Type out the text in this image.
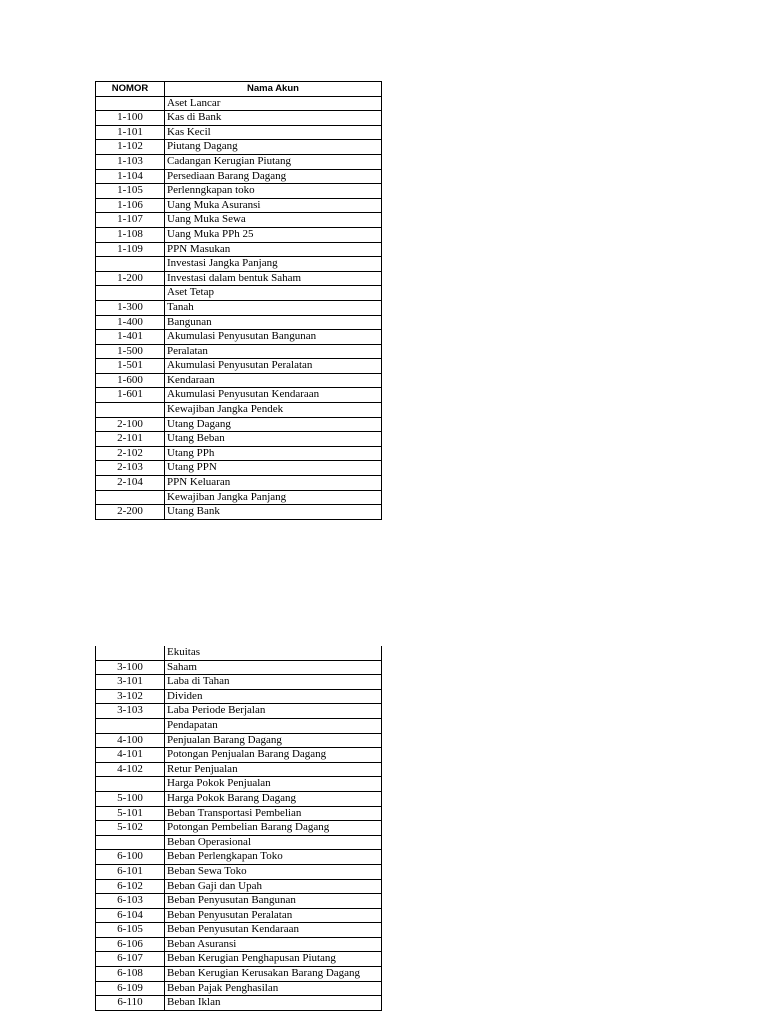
NOMOR	Nama Akun
	Aset Lancar
1-100	Kas di Bank
1-101	Kas Kecil
1-102	Piutang Dagang
1-103	Cadangan Kerugian Piutang
1-104	Persediaan Barang Dagang
1-105	Perlenngkapan toko
1-106	Uang Muka Asuransi
1-107	Uang Muka Sewa
1-108	Uang Muka PPh 25
1-109	PPN Masukan
	Investasi Jangka Panjang
1-200	Investasi dalam bentuk Saham
	Aset Tetap
1-300	Tanah
1-400	Bangunan
1-401	Akumulasi Penyusutan Bangunan
1-500	Peralatan
1-501	Akumulasi Penyusutan Peralatan
1-600	Kendaraan
1-601	Akumulasi Penyusutan Kendaraan
	Kewajiban Jangka Pendek
2-100	Utang Dagang
2-101	Utang Beban
2-102	Utang PPh
2-103	Utang PPN
2-104	PPN Keluaran
	Kewajiban Jangka Panjang
2-200	Utang Bank
	Ekuitas
3-100	Saham
3-101	Laba di Tahan
3-102	Dividen
3-103	Laba Periode Berjalan
	Pendapatan
4-100	Penjualan Barang Dagang
4-101	Potongan Penjualan Barang Dagang
4-102	Retur Penjualan
	Harga Pokok Penjualan
5-100	Harga Pokok Barang Dagang
5-101	Beban Transportasi Pembelian
5-102	Potongan Pembelian Barang Dagang
	Beban Operasional
6-100	Beban Perlengkapan Toko
6-101	Beban Sewa Toko
6-102	Beban Gaji dan Upah
6-103	Beban Penyusutan Bangunan
6-104	Beban Penyusutan Peralatan
6-105	Beban Penyusutan Kendaraan
6-106	Beban Asuransi
6-107	Beban Kerugian Penghapusan Piutang
6-108	Beban Kerugian Kerusakan Barang Dagang
6-109	Beban Pajak Penghasilan
6-110	Beban Iklan
